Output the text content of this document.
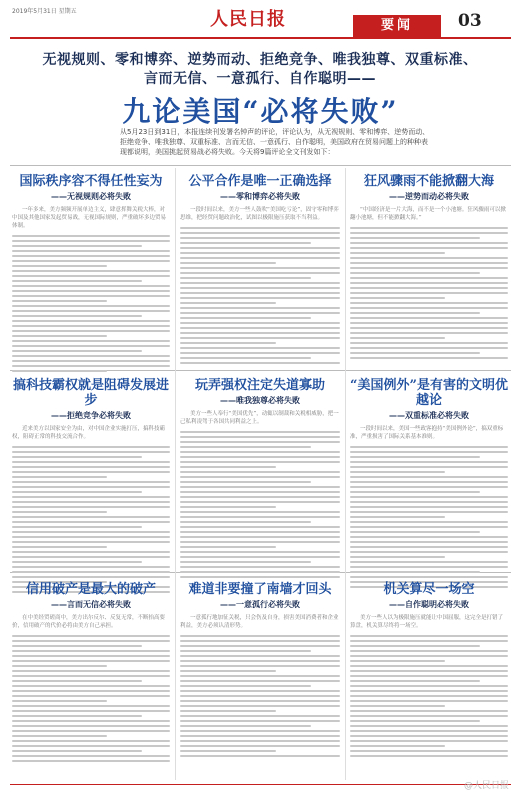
2019年5月31日 星期五	人民日报	要闻	03
无视规则、零和博弈、逆势而动、拒绝竞争、唯我独尊、双重标准、
言而无信、一意孤行、自作聪明——
九论美国“必将失败”
从5月23日到31日，本报连续刊发署名钟声的评论，评论认为，从无视规则、零和博弈、逆势而动、拒绝竞争、唯我独尊、双重标准、言而无信、一意孤行、自作聪明，美国政府在贸易问题上的种种表现都说明，美国挑起贸易战必将失败。今天将9篇评论全文刊发如下：
国际秩序容不得任性妄为
—— 无视规则必将失败
一年多来，美方频频开展单边主义，肆意挥舞关税大棒，对中国及其他国家发起贸易战，无视国际规则，严重破坏多边贸易体制。
公平合作是唯一正确选择
—— 零和博弈必将失败
一段时间以来，美方一些人鼓吹“美国吃亏论”，固守零和博弈思维，把经贸问题政治化，试图以极限施压获取不当利益。
狂风骤雨不能掀翻大海
—— 逆势而动必将失败
“中国经济是一片大海，而不是一个小池塘。狂风骤雨可以掀翻小池塘，但不能掀翻大海。”
搞科技霸权就是阻碍发展进步
—— 拒绝竞争必将失败
近来美方以国家安全为由，对中国企业实施打压，搞科技霸权，阻碍正常的科技交流合作。
玩弄强权注定失道寡助
—— 唯我独尊必将失败
美方一些人奉行“美国优先”，动辄以制裁和关税相威胁，把一己私利凌驾于各国共同利益之上。
“美国例外”是有害的文明优越论
—— 双重标准必将失败
一段时间以来，美国一些政客抱持“美国例外论”，搞双重标准，严重损害了国际关系基本准则。
信用破产是最大的破产
—— 言而无信必将失败
在中美经贸磋商中，美方出尔反尔、反复无常，不断抬高要价，信用破产的代价必将由美方自己承担。
难道非要撞了南墙才回头
—— 一意孤行必将失败
一意孤行地加征关税，只会伤及自身，损害美国消费者和企业利益，美方必须认清形势。
机关算尽一场空
—— 自作聪明必将失败
美方一些人以为极限施压就能让中国屈服，这完全是打错了算盘，机关算尽终将一场空。
@人民日报
